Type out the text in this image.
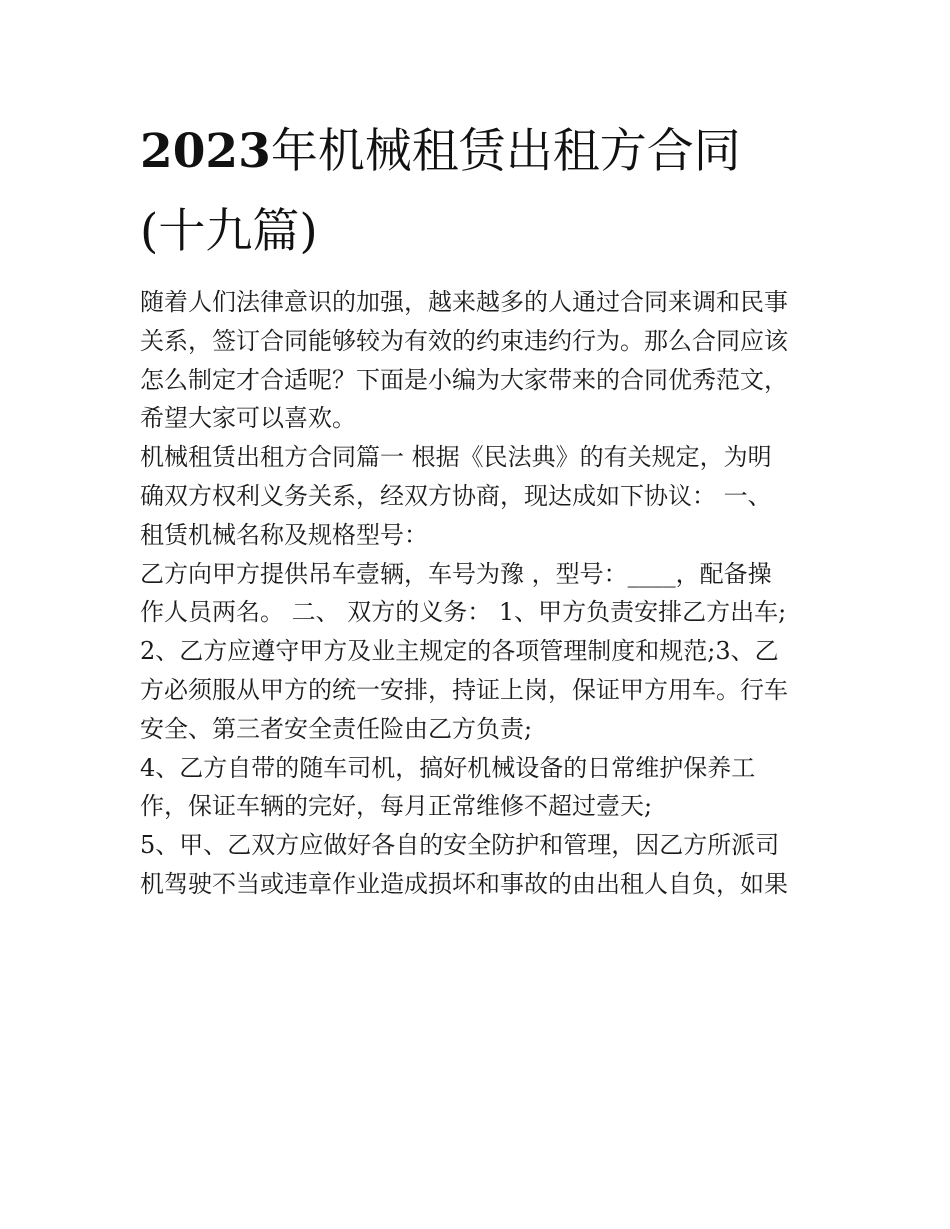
2023年机械租赁出租方合同
(十九篇)

随着人们法律意识的加强，越来越多的人通过合同来调和民事
关系，签订合同能够较为有效的约束违约行为。那么合同应该
怎么制定才合适呢？下面是小编为大家带来的合同优秀范文，
希望大家可以喜欢。

机械租赁出租方合同篇一 根据《民法典》的有关规定，为明
确双方权利义务关系，经双方协商，现达成如下协议： 一、
租赁机械名称及规格型号：

乙方向甲方提供吊车壹辆，车号为豫 ，型号：____，配备操
作人员两名。 二、 双方的义务： 1、甲方负责安排乙方出车;
2、乙方应遵守甲方及业主规定的各项管理制度和规范;3、乙
方必须服从甲方的统一安排，持证上岗，保证甲方用车。行车
安全、第三者安全责任险由乙方负责;

4、乙方自带的随车司机，搞好机械设备的日常维护保养工
作，保证车辆的完好，每月正常维修不超过壹天;

5、甲、乙双方应做好各自的安全防护和管理，因乙方所派司
机驾驶不当或违章作业造成损坏和事故的由出租人自负，如果
